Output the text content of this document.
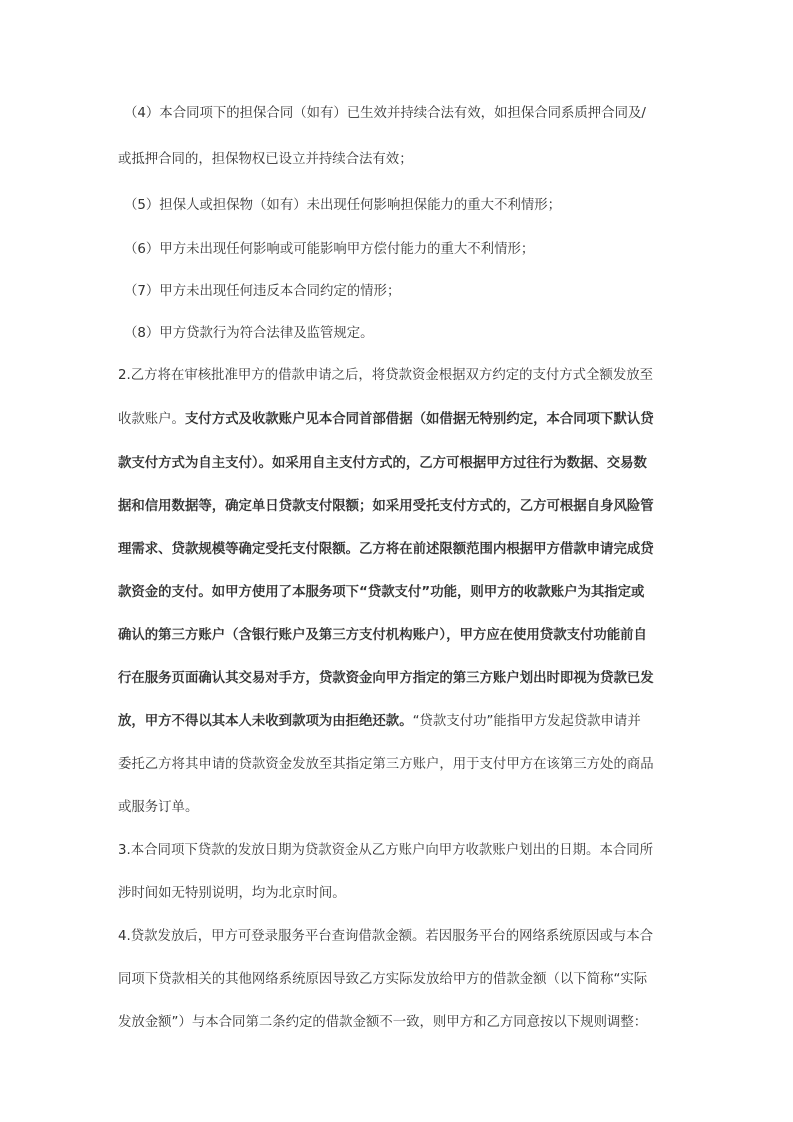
（4）本合同项下的担保合同（如有）已生效并持续合法有效，如担保合同系质押合同及/
或抵押合同的，担保物权已设立并持续合法有效；
（5）担保人或担保物（如有）未出现任何影响担保能力的重大不利情形；
（6）甲方未出现任何影响或可能影响甲方偿付能力的重大不利情形；
（7）甲方未出现任何违反本合同约定的情形；
（8）甲方贷款行为符合法律及监管规定。
2.乙方将在审核批准甲方的借款申请之后，将贷款资金根据双方约定的支付方式全额发放至
收款账户。支付方式及收款账户见本合同首部借据（如借据无特别约定，本合同项下默认贷
款支付方式为自主支付）。如采用自主支付方式的，乙方可根据甲方过往行为数据、交易数
据和信用数据等，确定单日贷款支付限额；如采用受托支付方式的，乙方可根据自身风险管
理需求、贷款规模等确定受托支付限额。乙方将在前述限额范围内根据甲方借款申请完成贷
款资金的支付。如甲方使用了本服务项下“贷款支付”功能，则甲方的收款账户为其指定或
确认的第三方账户（含银行账户及第三方支付机构账户），甲方应在使用贷款支付功能前自
行在服务页面确认其交易对手方，贷款资金向甲方指定的第三方账户划出时即视为贷款已发
放，甲方不得以其本人未收到款项为由拒绝还款。“贷款支付功”能指甲方发起贷款申请并
委托乙方将其申请的贷款资金发放至其指定第三方账户，用于支付甲方在该第三方处的商品
或服务订单。
3.本合同项下贷款的发放日期为贷款资金从乙方账户向甲方收款账户划出的日期。本合同所
涉时间如无特别说明，均为北京时间。
4.贷款发放后，甲方可登录服务平台查询借款金额。若因服务平台的网络系统原因或与本合
同项下贷款相关的其他网络系统原因导致乙方实际发放给甲方的借款金额（以下简称“实际
发放金额”）与本合同第二条约定的借款金额不一致，则甲方和乙方同意按以下规则调整：
